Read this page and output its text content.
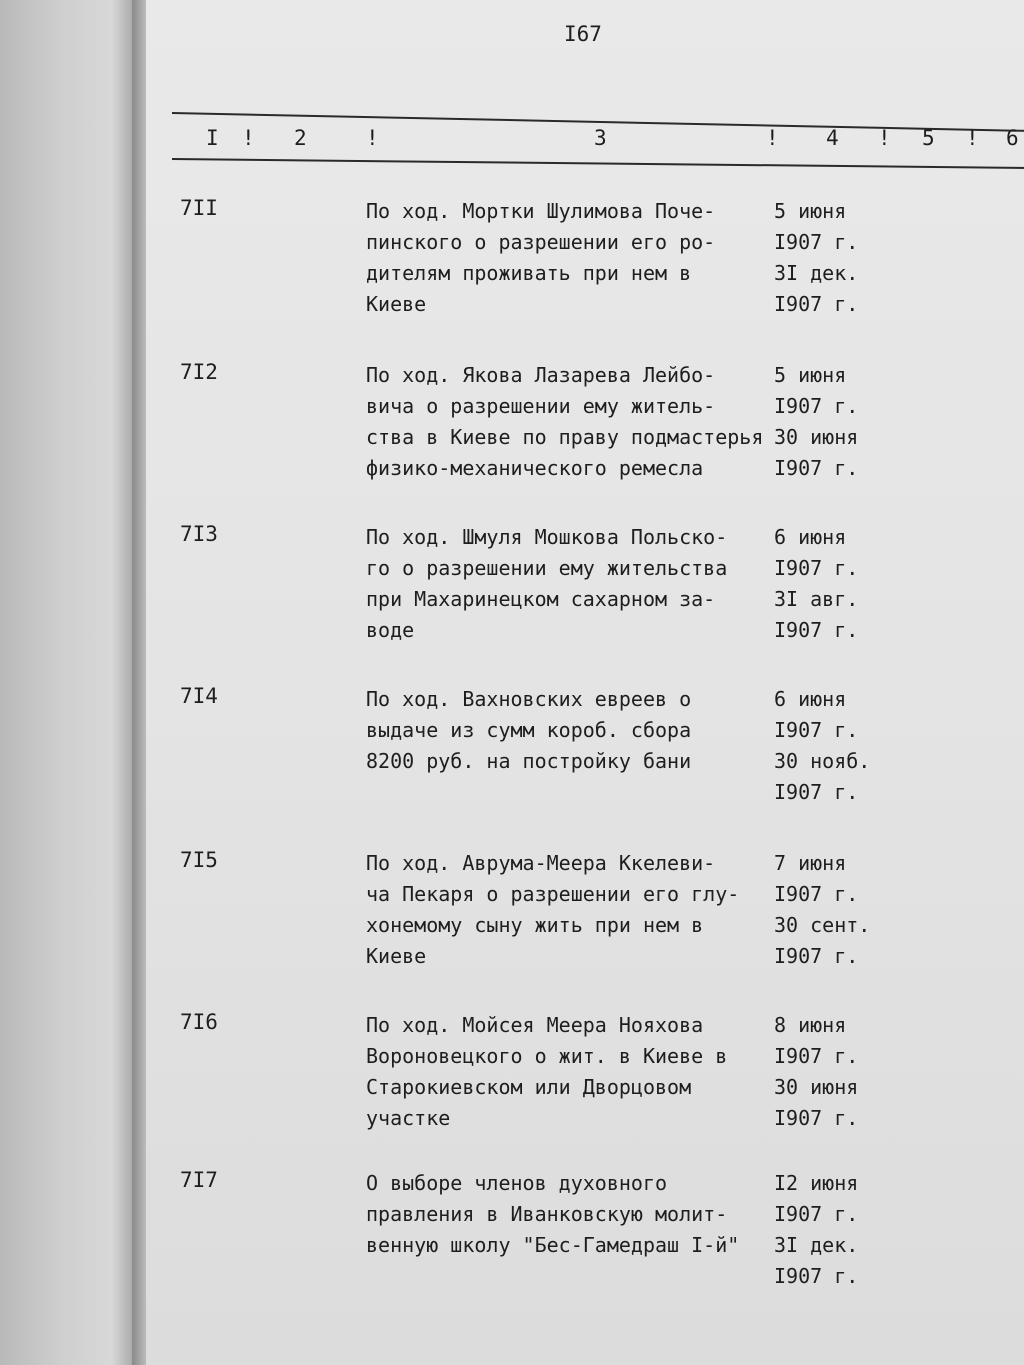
I67
I ! 2	!	3	! 4 ! 5 ! 6
7II	По ход. Мортки Шулимова Поче-
пинского о разрешении его ро-
дителям проживать при нем в
Киеве
5 июня
I907 г.
3I дек.
I907 г.
7I2	По ход. Якова Лазарева Лейбо-
вича о разрешении ему житель-
ства в Киеве по праву подмастерья
физико-механического ремесла
5 июня
I907 г.
30 июня
I907 г.
7I3	По ход. Шмуля Мошкова Польско-
го о разрешении ему жительства
при Махаринецком сахарном за-
воде
6 июня
I907 г.
3I авг.
I907 г.
7I4	По ход. Вахновских евреев о
выдаче из сумм короб. сбора
8200 руб. на постройку бани
6 июня
I907 г.
30 нояб.
I907 г.
7I5	По ход. Аврума-Меера Ккелеви-
ча Пекаря о разрешении его глу-
хонемому сыну жить при нем в
Киеве
7 июня
I907 г.
30 сент.
I907 г.
7I6	По ход. Мойсея Меера Нояхова
Вороновецкого о жит. в Киеве в
Старокиевском или Дворцовом
участке
8 июня
I907 г.
30 июня
I907 г.
7I7	О выборе членов духовного
правления в Иванковскую молит-
венную школу "Бес-Гамедраш I-й"

I2 июня
I907 г.
3I дек.
I907 г.
